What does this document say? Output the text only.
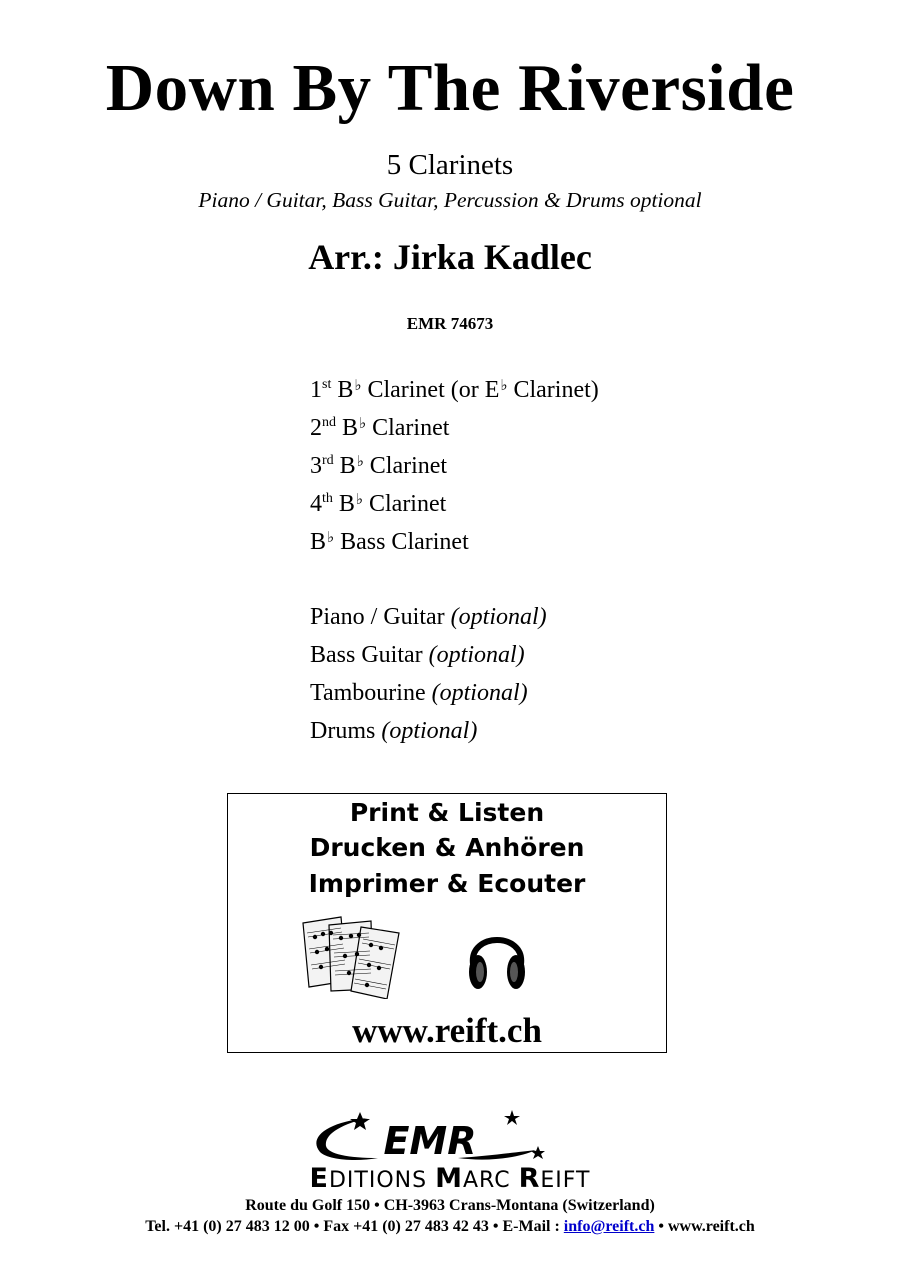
Down By The Riverside
5 Clarinets
Piano / Guitar, Bass Guitar, Percussion & Drums optional
Arr.: Jirka Kadlec
EMR 74673
1st B♭ Clarinet (or E♭ Clarinet)
2nd B♭ Clarinet
3rd B♭ Clarinet
4th B♭ Clarinet
B♭ Bass Clarinet
Piano / Guitar (optional)
Bass Guitar (optional)
Tambourine (optional)
Drums (optional)
Print & Listen
Drucken & Anhören
Imprimer & Ecouter
www.reift.ch
EMR
EDITIONS MARC REIFT
Route du Golf 150 • CH-3963 Crans-Montana (Switzerland)
Tel. +41 (0) 27 483 12 00 • Fax +41 (0) 27 483 42 43 • E-Mail : info@reift.ch • www.reift.ch
